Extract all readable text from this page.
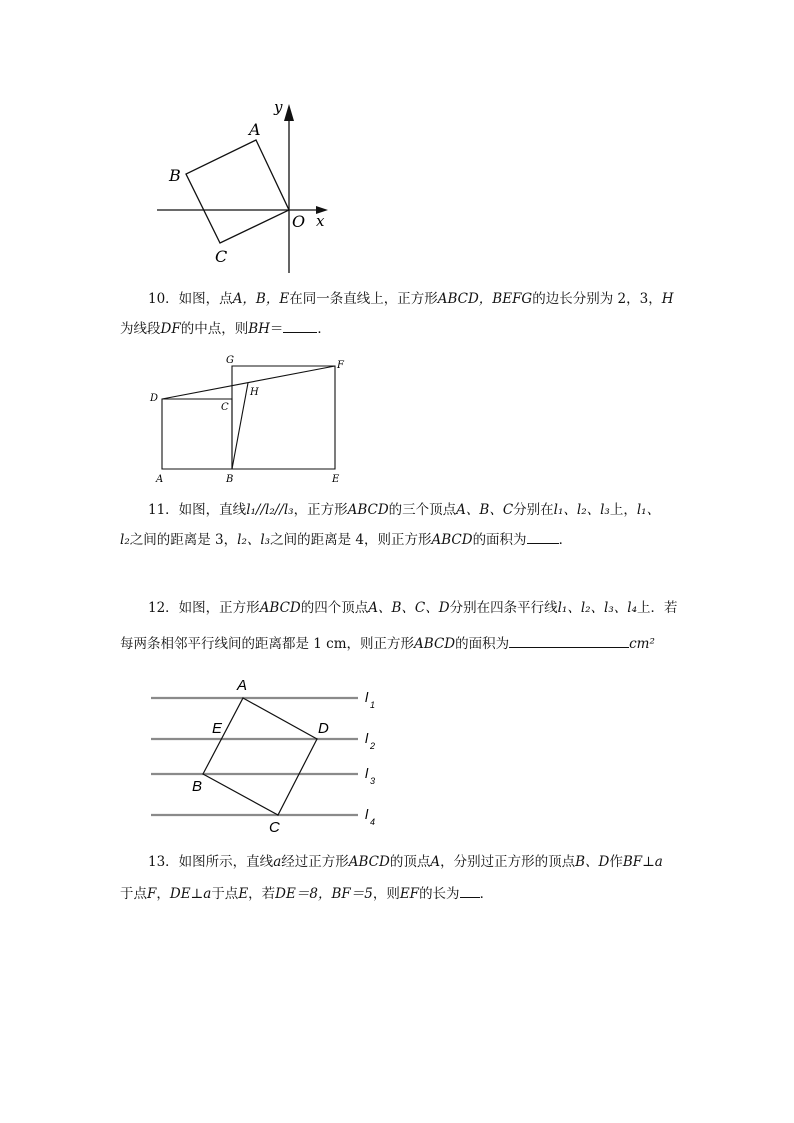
y
x
O
A
B
C
10．如图，点A，B，E在同一条直线上，正方形ABCD，BEFG的边长分别为 2，3，H
为线段DF的中点，则BH＝	．
G	F
D
H
C
A	B	E
11．如图，直线l₁//l₂//l₃，正方形ABCD的三个顶点A、B、C分别在l₁、l₂、l₃上，l₁、
l₂之间的距离是 3，l₂、l₃之间的距离是 4，则正方形ABCD的面积为 ．
12．如图，正方形ABCD的四个顶点A、B、C、D分别在四条平行线l₁、l₂、l₃、l₄上．若
每两条相邻平行线间的距离都是 1 cm，则正方形ABCD的面积为	cm²
A
E	D
B
C
l 1
l 2
l 3
l 4
13．如图所示，直线a经过正方形ABCD的顶点A，分别过正方形的顶点B、D作BF⊥a
于点F，DE⊥a于点E，若DE＝8，BF＝5，则EF的长为 ．
